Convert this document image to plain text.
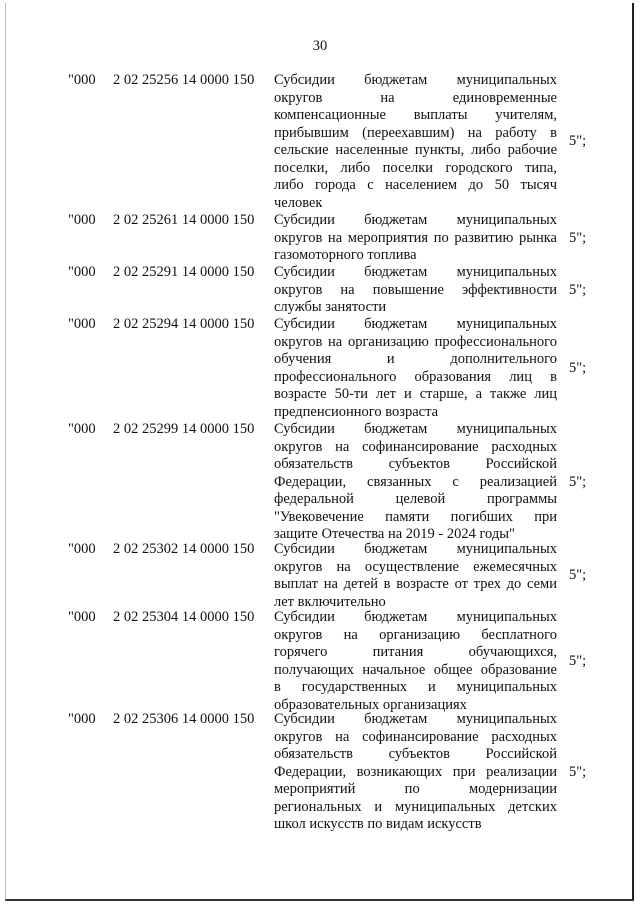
30
"000 2 02 25256 14 0000 150 Субсидии бюджетам муниципальных
округов на единовременные
компенсационные выплаты учителям,
прибывшим (переехавшим) на работу в
сельские населенные пункты, либо рабочие
поселки, либо поселки городского типа,
либо города с населением до 50 тысяч
человек
5";
"000 2 02 25261 14 0000 150 Субсидии бюджетам муниципальных
округов на мероприятия по развитию рынка
газомоторного топлива
5";
"000 2 02 25291 14 0000 150 Субсидии бюджетам муниципальных
округов на повышение эффективности
службы занятости
5";
"000 2 02 25294 14 0000 150 Субсидии бюджетам муниципальных
округов на организацию профессионального
обучения и дополнительного
профессионального образования лиц в
возрасте 50-ти лет и старше, а также лиц
предпенсионного возраста
5";
"000 2 02 25299 14 0000 150 Субсидии бюджетам муниципальных
округов на софинансирование расходных
обязательств субъектов Российской
Федерации, связанных с реализацией
федеральной целевой программы
"Увековечение памяти погибших при
защите Отечества на 2019 - 2024 годы"
5";
"000 2 02 25302 14 0000 150 Субсидии бюджетам муниципальных
округов на осуществление ежемесячных
выплат на детей в возрасте от трех до семи
лет включительно
5";
"000 2 02 25304 14 0000 150 Субсидии бюджетам муниципальных
округов на организацию бесплатного
горячего питания обучающихся,
получающих начальное общее образование
в государственных и муниципальных
образовательных организациях
5";
"000 2 02 25306 14 0000 150 Субсидии бюджетам муниципальных
округов на софинансирование расходных
обязательств субъектов Российской
Федерации, возникающих при реализации
мероприятий по модернизации
региональных и муниципальных детских
школ искусств по видам искусств
5";
